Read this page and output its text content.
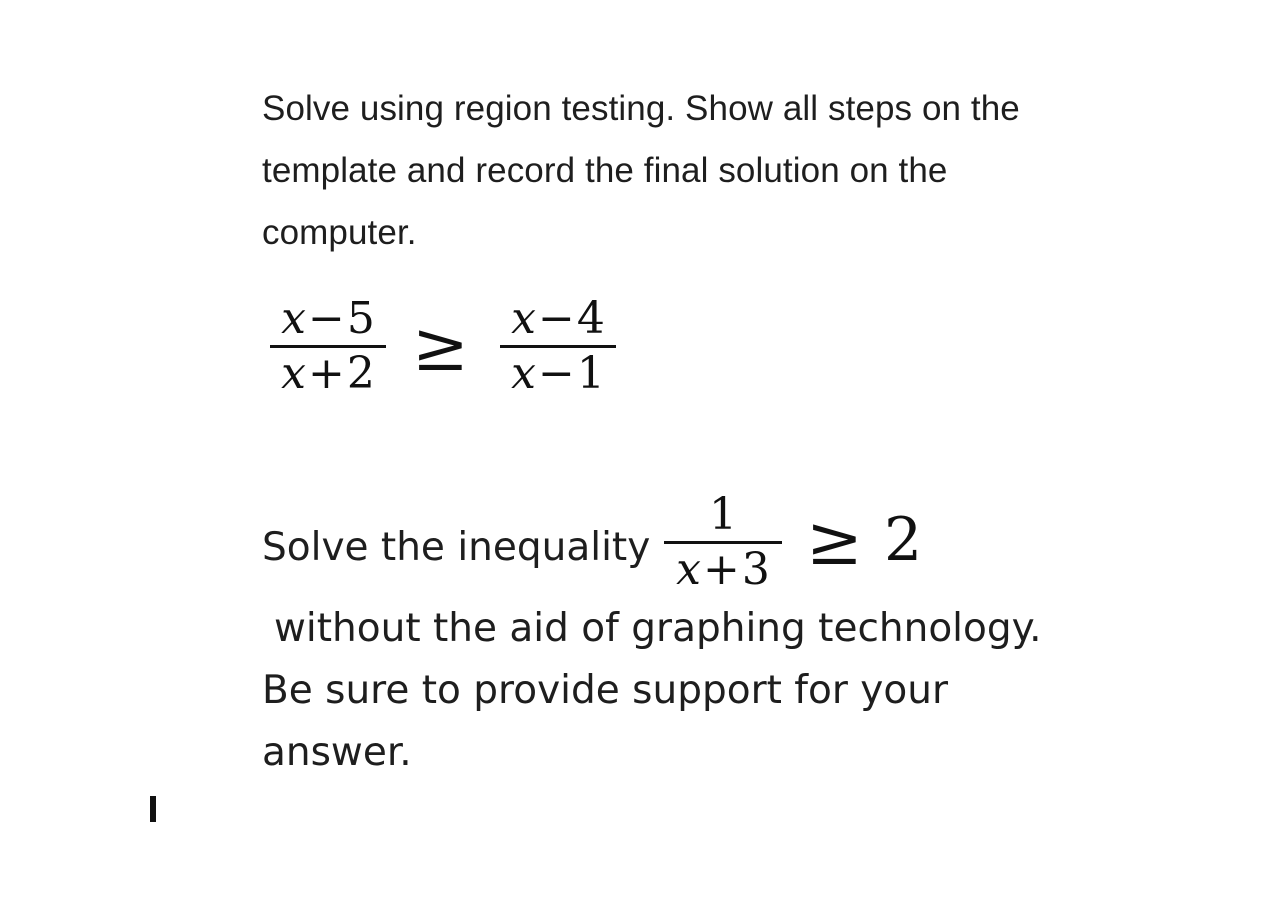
Solve using region testing. Show all steps on the template and record the final solution on the computer.
x−5
x+2 ≥ x−4
x−1
Solve the inequality
1
x+3 ≥ 2
without the aid of graphing technology.
Be sure to provide support for your
answer.
